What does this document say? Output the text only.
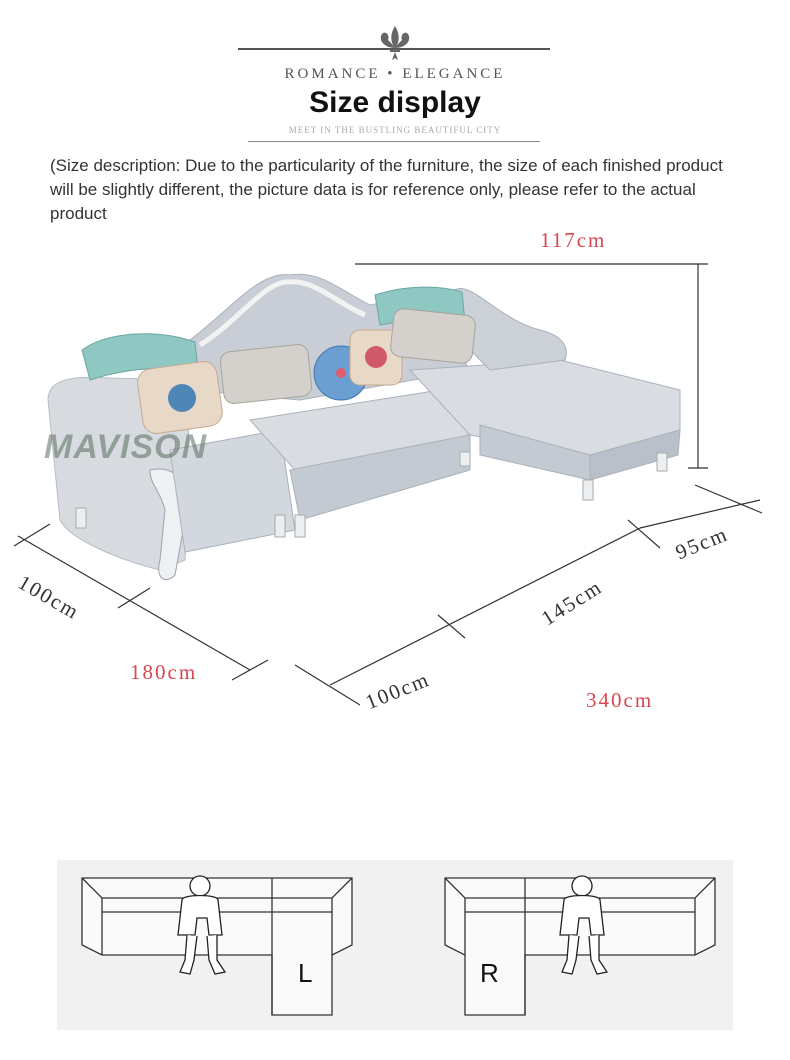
ROMANCE • ELEGANCE
Size display
MEET IN THE BUSTLING BEAUTIFUL CITY
(Size description: Due to the particularity of the furniture, the size of each finished product will be slightly different, the picture data is for reference only, please refer to the actual product
MAVISON
117cm
100cm
180cm	100cm
145cm
95cm
340cm
L	R
